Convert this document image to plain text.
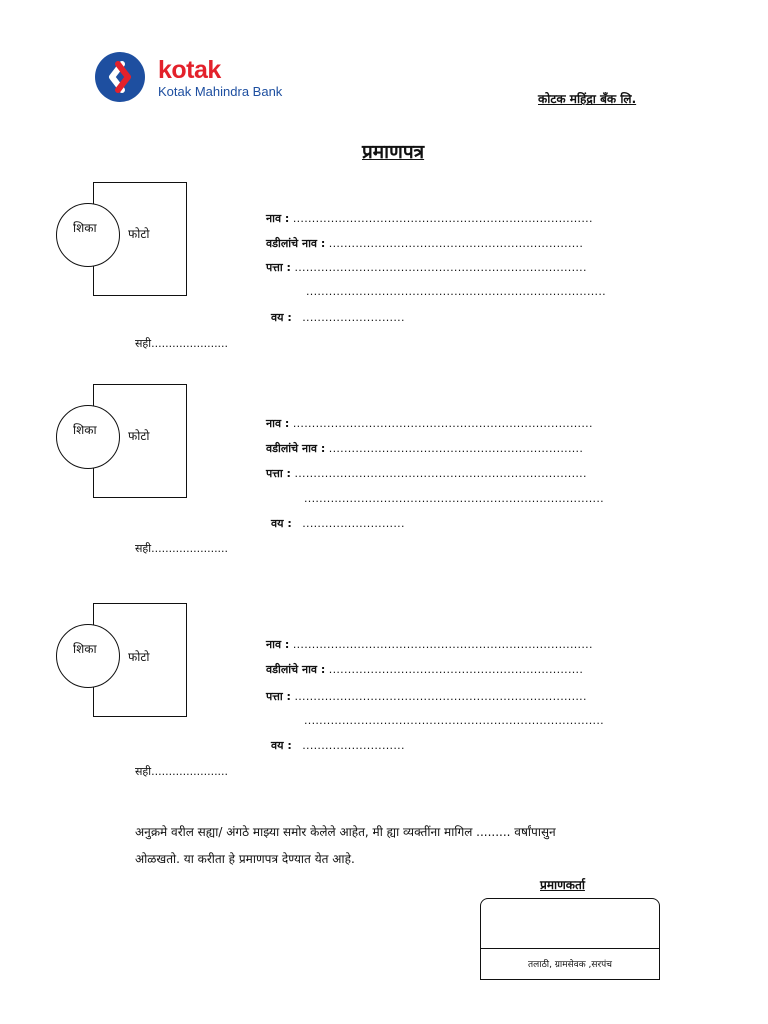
kotak
Kotak Mahindra Bank	कोटक महिंद्रा बँक लि.
प्रमाणपत्र
फोटो
शिका
नाव : ...............................................................................
वडीलांचे नाव : ...................................................................
पत्ता : .............................................................................
...............................................................................
वय : ...........................
सही......................
फोटो
शिका	नाव : ...............................................................................
वडीलांचे नाव : ...................................................................
पत्ता : .............................................................................
...............................................................................
वय : ...........................
सही......................
फोटो
शिका	नाव : ...............................................................................
वडीलांचे नाव : ...................................................................
पत्ता : .............................................................................
...............................................................................
वय : ...........................
सही......................
अनुक्रमे वरील सह्या/ अंगठे माझ्या समोर केलेले आहेत, मी ह्या व्यक्तींना मागिल ......... वर्षांपासुन
ओळखतो. या करीता हे प्रमाणपत्र देण्यात येत आहे.
प्रमाणकर्ता
तलाठी, ग्रामसेवक ,सरपंच
